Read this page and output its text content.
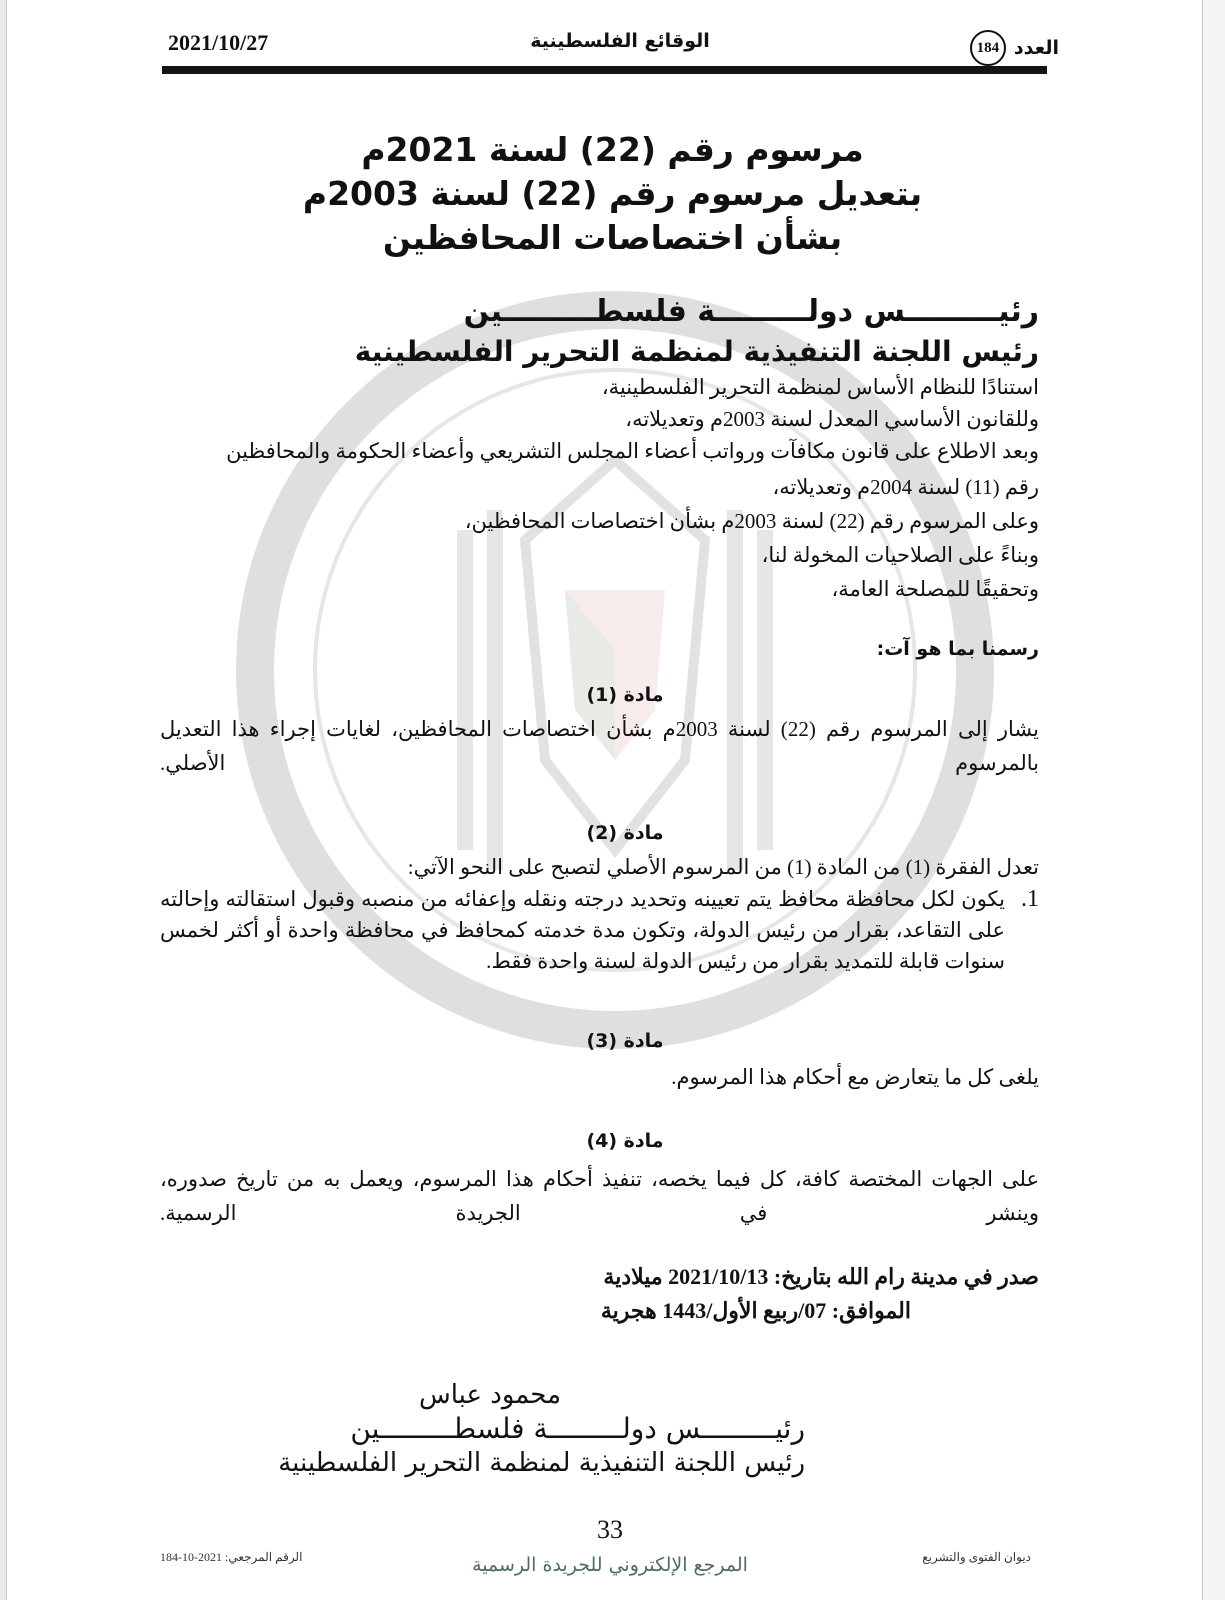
2021/10/27	الوقائع الفلسطينية	العدد
184
مرسوم رقم (22) لسنة 2021م
بتعديل مرسوم رقم (22) لسنة 2003م
بشأن اختصاصات المحافظين
رئيـــــــــس دولـــــــــة فلسطـــــــــين
رئيس اللجنة التنفيذية لمنظمة التحرير الفلسطينية
استنادًا للنظام الأساس لمنظمة التحرير الفلسطينية،
وللقانون الأساسي المعدل لسنة 2003م وتعديلاته،
وبعد الاطلاع على قانون مكافآت ورواتب أعضاء المجلس التشريعي وأعضاء الحكومة والمحافظين
رقم (11) لسنة 2004م وتعديلاته،
وعلى المرسوم رقم (22) لسنة 2003م بشأن اختصاصات المحافظين،
وبناءً على الصلاحيات المخولة لنا،
وتحقيقًا للمصلحة العامة،
رسمنا بما هو آت:
مادة (1)
يشار إلى المرسوم رقم (22) لسنة 2003م بشأن اختصاصات المحافظين، لغايات إجراء هذا التعديل بالمرسوم الأصلي.
مادة (2)
تعدل الفقرة (1) من المادة (1) من المرسوم الأصلي لتصبح على النحو الآتي:
1.
يكون لكل محافظة محافظ يتم تعيينه وتحديد درجته ونقله وإعفائه من منصبه وقبول استقالته وإحالته على التقاعد، بقرار من رئيس الدولة، وتكون مدة خدمته كمحافظ في محافظة واحدة أو أكثر لخمس سنوات قابلة للتمديد بقرار من رئيس الدولة لسنة واحدة فقط.
مادة (3)
يلغى كل ما يتعارض مع أحكام هذا المرسوم.
مادة (4)
على الجهات المختصة كافة، كل فيما يخصه، تنفيذ أحكام هذا المرسوم، ويعمل به من تاريخ صدوره، وينشر في الجريدة الرسمية.
صدر في مدينة رام الله بتاريخ: 2021/10/13 ميلادية
الموافق: 07/ربيع الأول/1443 هجرية
محمود عباس
رئيـــــــــس دولـــــــــة فلسطـــــــــين
رئيس اللجنة التنفيذية لمنظمة التحرير الفلسطينية
ديوان الفتوى والتشريع
33
الرقم المرجعي: 2021-10-184	المرجع الإلكتروني للجريدة الرسمية
